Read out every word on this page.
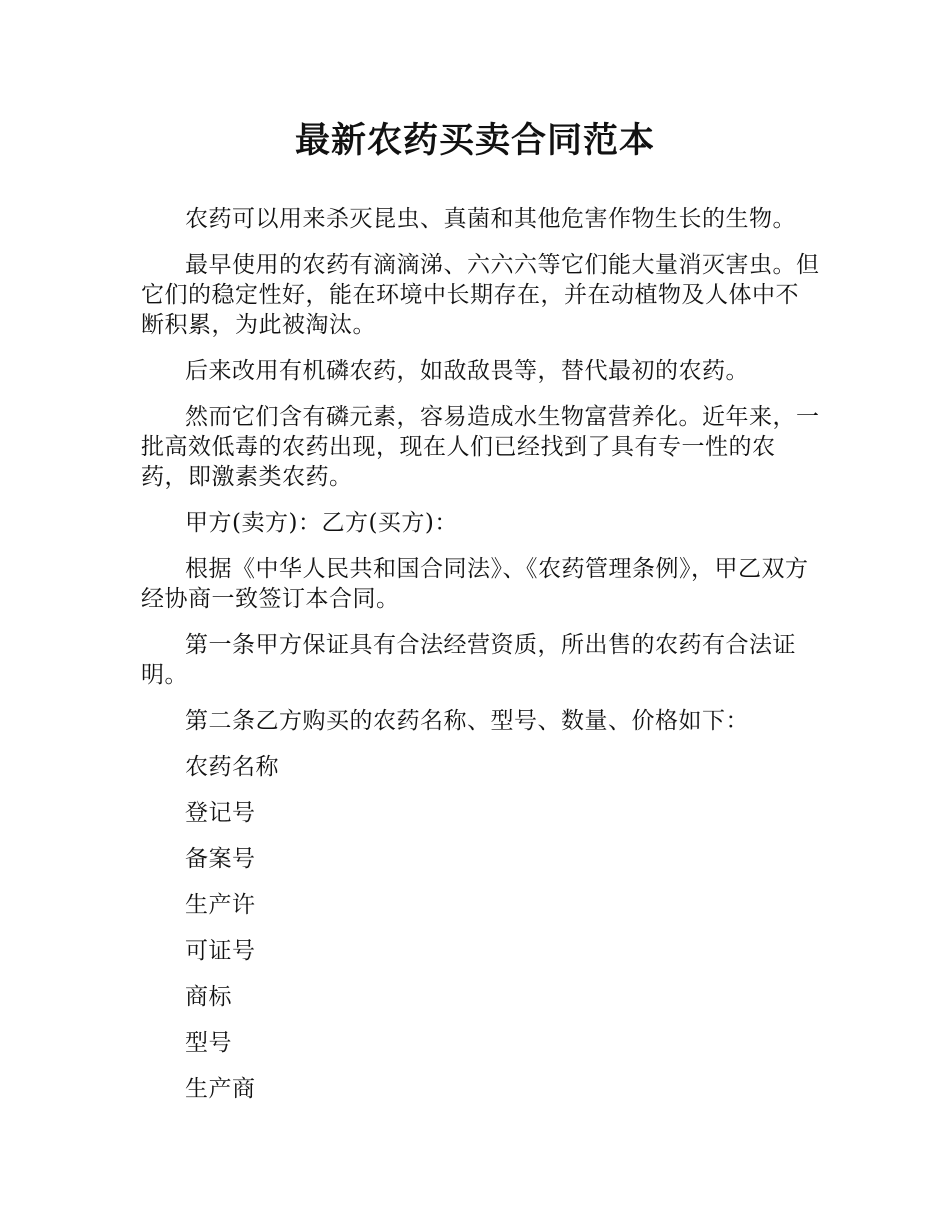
最新农药买卖合同范本

农药可以用来杀灭昆虫、真菌和其他危害作物生长的生物。

最早使用的农药有滴滴涕、六六六等它们能大量消灭害虫。但它们的稳定性好，能在环境中长期存在，并在动植物及人体中不断积累，为此被淘汰。

后来改用有机磷农药，如敌敌畏等，替代最初的农药。

然而它们含有磷元素，容易造成水生物富营养化。近年来，一批高效低毒的农药出现，现在人们已经找到了具有专一性的农药，即激素类农药。

甲方(卖方)：乙方(买方)：

根据《中华人民共和国合同法》、《农药管理条例》，甲乙双方经协商一致签订本合同。

第一条甲方保证具有合法经营资质，所出售的农药有合法证明。

第二条乙方购买的农药名称、型号、数量、价格如下：

农药名称

登记号

备案号

生产许

可证号

商标

型号

生产商
